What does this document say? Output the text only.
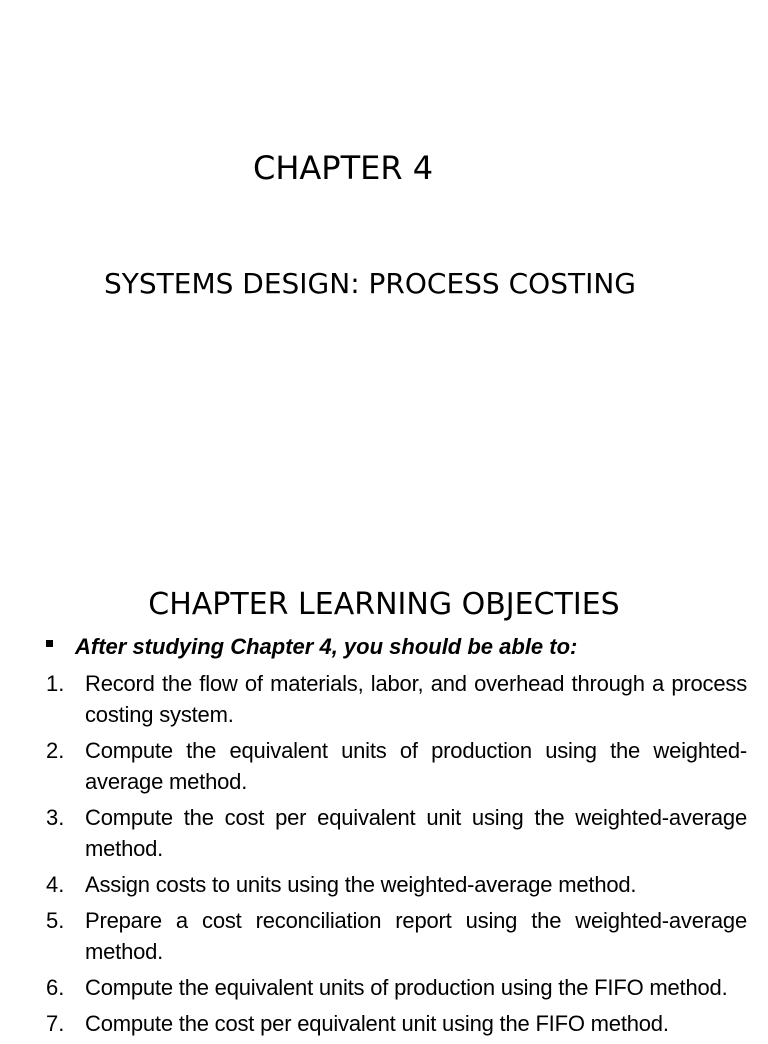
CHAPTER 4
SYSTEMS DESIGN: PROCESS COSTING
CHAPTER LEARNING OBJECTIES
After studying Chapter 4, you should be able to:
1. Record the flow of materials, labor, and overhead through a process costing system.
2. Compute the equivalent units of production using the weighted-average method.
3. Compute the cost per equivalent unit using the weighted-average method.
4. Assign costs to units using the weighted-average method.
5. Prepare a cost reconciliation report using the weighted-average method.
6. Compute the equivalent units of production using the FIFO method.
7. Compute the cost per equivalent unit using the FIFO method.
